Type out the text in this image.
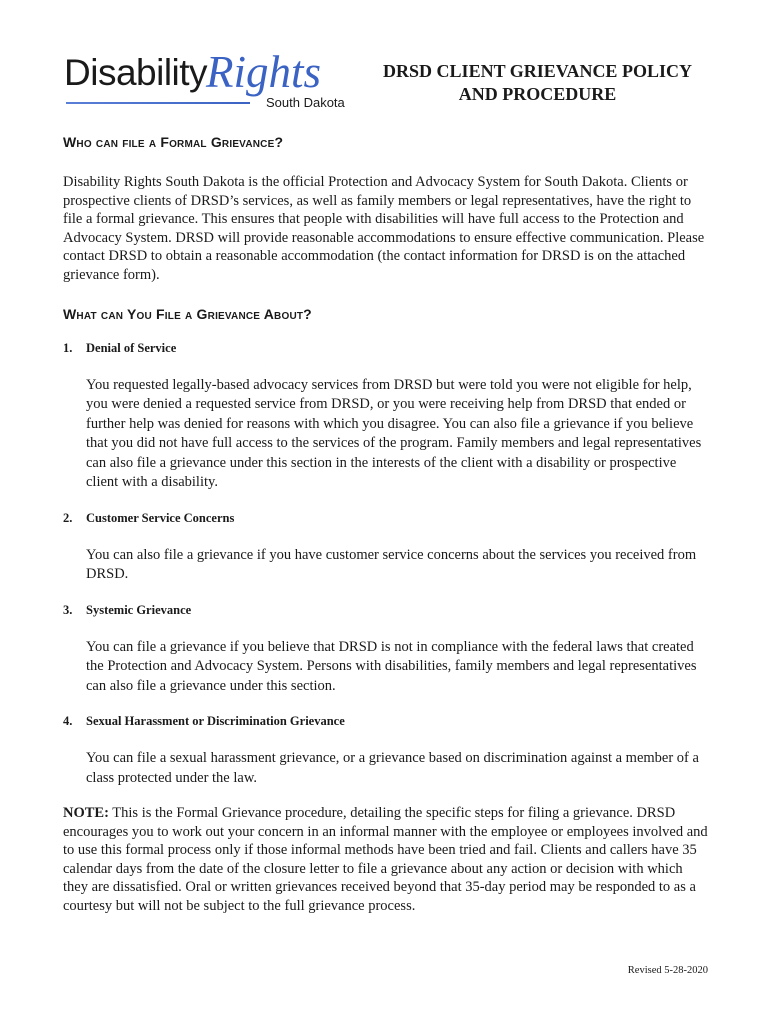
Disability
Rights
South Dakota
DRSD CLIENT GRIEVANCE POLICY
AND PROCEDURE
Who can file a Formal Grievance?

Disability Rights South Dakota is the official Protection and Advocacy System for South Dakota. Clients or prospective clients of DRSD’s services, as well as family members or legal representatives, have the right to file a formal grievance. This ensures that people with disabilities will have full access to the Protection and Advocacy System. DRSD will provide reasonable accommodations to ensure effective communication. Please contact DRSD to obtain a reasonable accommodation (the contact information for DRSD is on the attached grievance form).

What can You File a Grievance About?

1. Denial of Service

You requested legally-based advocacy services from DRSD but were told you were not eligible for help, you were denied a requested service from DRSD, or you were receiving help from DRSD that ended or further help was denied for reasons with which you disagree. You can also file a grievance if you believe that you did not have full access to the services of the program. Family members and legal representatives can also file a grievance under this section in the interests of the client with a disability or prospective client with a disability.

2. Customer Service Concerns

You can also file a grievance if you have customer service concerns about the services you received from DRSD.

3. Systemic Grievance

You can file a grievance if you believe that DRSD is not in compliance with the federal laws that created the Protection and Advocacy System. Persons with disabilities, family members and legal representatives can also file a grievance under this section.

4. Sexual Harassment or Discrimination Grievance

You can file a sexual harassment grievance, or a grievance based on discrimination against a member of a class protected under the law.

NOTE: This is the Formal Grievance procedure, detailing the specific steps for filing a grievance. DRSD encourages you to work out your concern in an informal manner with the employee or employees involved and to use this formal process only if those informal methods have been tried and fail. Clients and callers have 35 calendar days from the date of the closure letter to file a grievance about any action or decision with which they are dissatisfied. Oral or written grievances received beyond that 35-day period may be responded to as a courtesy but will not be subject to the full grievance process.

Revised 5-28-2020
